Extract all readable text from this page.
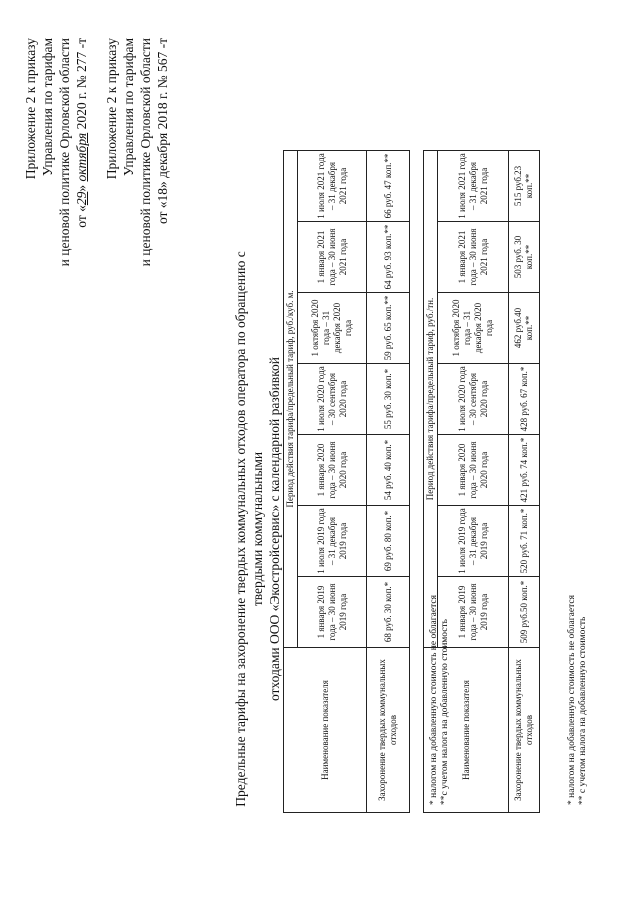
Приложение 2 к приказу Управления по тарифам и ценовой политике Орловской области от «29» октября 2020 г. № 277 -т Приложение 2 к приказу Управления по тарифам и ценовой политике Орловской области от «18» декабря 2018 г. № 567 -т
Предельные тарифы на захоронение твердых коммунальных отходов оператора по обращению с твердыми коммунальными отходами ООО «Экостройсервис» с календарной разбивкой
Наименование показателя	Период действия тарифа/предельный тариф, руб./куб. м.						
	1 января 2019 года – 30 июня 2019 года	1 июля 2019 года – 31 декабря 2019 года	1 января 2020 года – 30 июня 2020 года	1 июля 2020 года – 30 сентября 2020 года	1 октября 2020 года – 31 декабря 2020 года	1 января 2021 года – 30 июня 2021 года	1 июля 2021 года – 31 декабря 2021 года
Захоронение твердых коммунальных отходов	68 руб. 30 коп.*	69 руб. 80 коп.*	54 руб. 40 коп.*	55 руб. 30 коп.*	59 руб. 65 коп.**	64 руб. 93 коп.**	66 руб. 47 коп.**
* налогом на добавленную стоимость не облагается **с учетом налога на добавленную стоимость Наименование показателя	Период действия тарифа/предельный тариф, руб./тн.						
	1 января 2019 года – 30 июня 2019 года	1 июля 2019 года – 31 декабря 2019 года	1 января 2020 года – 30 июня 2020 года	1 июля 2020 года – 30 сентября 2020 года	1 октября 2020 года – 31 декабря 2020 года	1 января 2021 года – 30 июня 2021 года	1 июля 2021 года – 31 декабря 2021 года
Захоронение твердых коммунальных отходов	509 руб.50 коп.*	520 руб. 71 коп.*	421 руб. 74 коп.*	428 руб. 67 коп.*	462 руб.40 коп.**	503 руб. 30 коп.**	515 руб.23 коп.**
* налогом на добавленную стоимость не облагается ** с учетом налога на добавленную стоимость
